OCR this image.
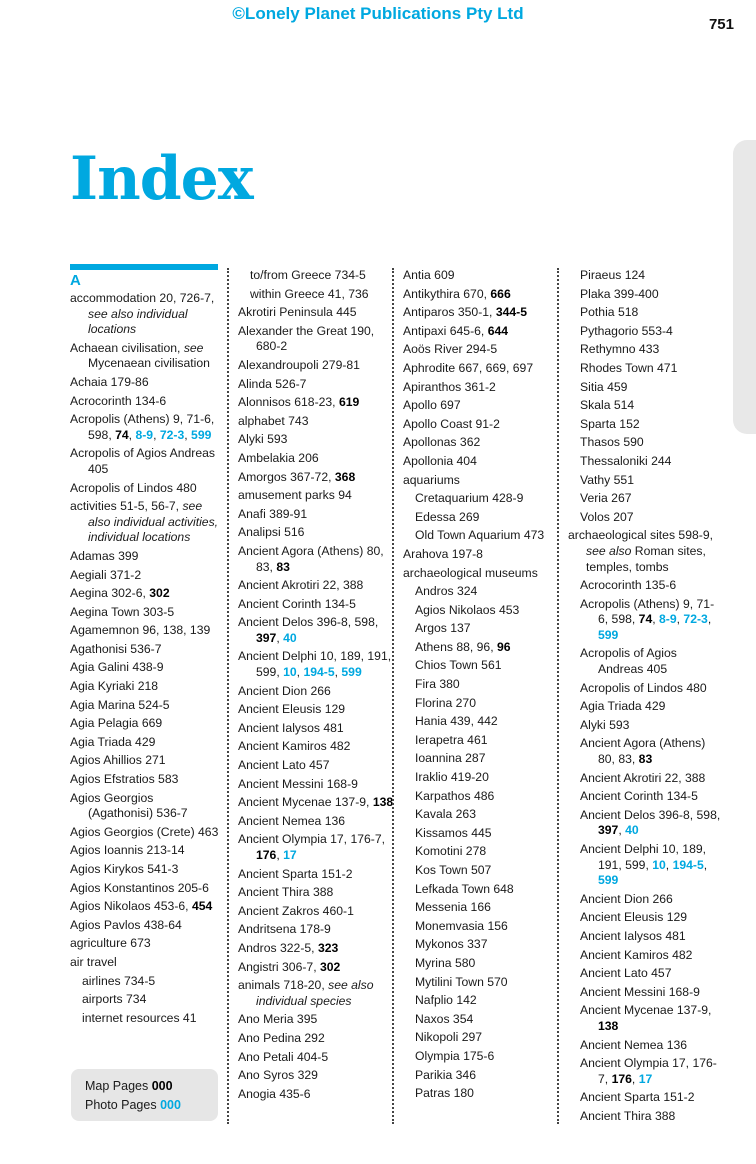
©Lonely Planet Publications Pty Ltd
751
Index
A
accommodation 20, 726-7, see also individual locations
Achaean civilisation, see Mycenaean civilisation
Achaia 179-86
Acrocorinth 134-6
Acropolis (Athens) 9, 71-6, 598, 74, 8-9, 72-3, 599
Acropolis of Agios Andreas 405
Acropolis of Lindos 480
activities 51-5, 56-7, see also individual activities, individual locations
Adamas 399
Aegiali 371-2
Aegina 302-6, 302
Aegina Town 303-5
Agamemnon 96, 138, 139
Agathonisi 536-7
Agia Galini 438-9
Agia Kyriaki 218
Agia Marina 524-5
Agia Pelagia 669
Agia Triada 429
Agios Ahillios 271
Agios Efstratios 583
Agios Georgios (Agathonisi) 536-7
Agios Georgios (Crete) 463
Agios Ioannis 213-14
Agios Kirykos 541-3
Agios Konstantinos 205-6
Agios Nikolaos 453-6, 454
Agios Pavlos 438-64
agriculture 673
air travel
airlines 734-5
airports 734
internet resources 41
to/from Greece 734-5
within Greece 41, 736
Akrotiri Peninsula 445
Alexander the Great 190, 680-2
Alexandroupoli 279-81
Alinda 526-7
Alonnisos 618-23, 619
alphabet 743
Alyki 593
Ambelakia 206
Amorgos 367-72, 368
amusement parks 94
Anafi 389-91
Analipsi 516
Ancient Agora (Athens) 80, 83, 83
Ancient Akrotiri 22, 388
Ancient Corinth 134-5
Ancient Delos 396-8, 598, 397, 40
Ancient Delphi 10, 189, 191, 599, 10, 194-5, 599
Ancient Dion 266
Ancient Eleusis 129
Ancient Ialysos 481
Ancient Kamiros 482
Ancient Lato 457
Ancient Messini 168-9
Ancient Mycenae 137-9, 138
Ancient Nemea 136
Ancient Olympia 17, 176-7, 176, 17
Ancient Sparta 151-2
Ancient Thira 388
Ancient Zakros 460-1
Andritsena 178-9
Andros 322-5, 323
Angistri 306-7, 302
animals 718-20, see also individual species
Ano Meria 395
Ano Pedina 292
Ano Petali 404-5
Ano Syros 329
Anogia 435-6
Antia 609
Antikythira 670, 666
Antiparos 350-1, 344-5
Antipaxi 645-6, 644
Aoös River 294-5
Aphrodite 667, 669, 697
Apiranthos 361-2
Apollo 697
Apollo Coast 91-2
Apollonas 362
Apollonia 404
aquariums
Cretaquarium 428-9
Edessa 269
Old Town Aquarium 473
Arahova 197-8
archaeological museums
Andros 324
Agios Nikolaos 453
Argos 137
Athens 88, 96, 96
Chios Town 561
Fira 380
Florina 270
Hania 439, 442
Ierapetra 461
Ioannina 287
Iraklio 419-20
Karpathos 486
Kavala 263
Kissamos 445
Komotini 278
Kos Town 507
Lefkada Town 648
Messenia 166
Monemvasia 156
Mykonos 337
Myrina 580
Mytilini Town 570
Nafplio 142
Naxos 354
Nikopoli 297
Olympia 175-6
Parikia 346
Patras 180
Piraeus 124
Plaka 399-400
Pothia 518
Pythagorio 553-4
Rethymno 433
Rhodes Town 471
Sitia 459
Skala 514
Sparta 152
Thasos 590
Thessaloniki 244
Vathy 551
Veria 267
Volos 207
archaeological sites 598-9, see also Roman sites, temples, tombs
Acrocorinth 135-6
Acropolis (Athens) 9, 71-6, 598, 74, 8-9, 72-3, 599
Acropolis of Agios Andreas 405
Acropolis of Lindos 480
Agia Triada 429
Alyki 593
Ancient Agora (Athens) 80, 83, 83
Ancient Akrotiri 22, 388
Ancient Corinth 134-5
Ancient Delos 396-8, 598, 397, 40
Ancient Delphi 10, 189, 191, 599, 10, 194-5, 599
Ancient Dion 266
Ancient Eleusis 129
Ancient Ialysos 481
Ancient Kamiros 482
Ancient Lato 457
Ancient Messini 168-9
Ancient Mycenae 137-9, 138
Ancient Nemea 136
Ancient Olympia 17, 176-7, 176, 17
Ancient Sparta 151-2
Ancient Thira 388
Map Pages 000
Photo Pages 000
